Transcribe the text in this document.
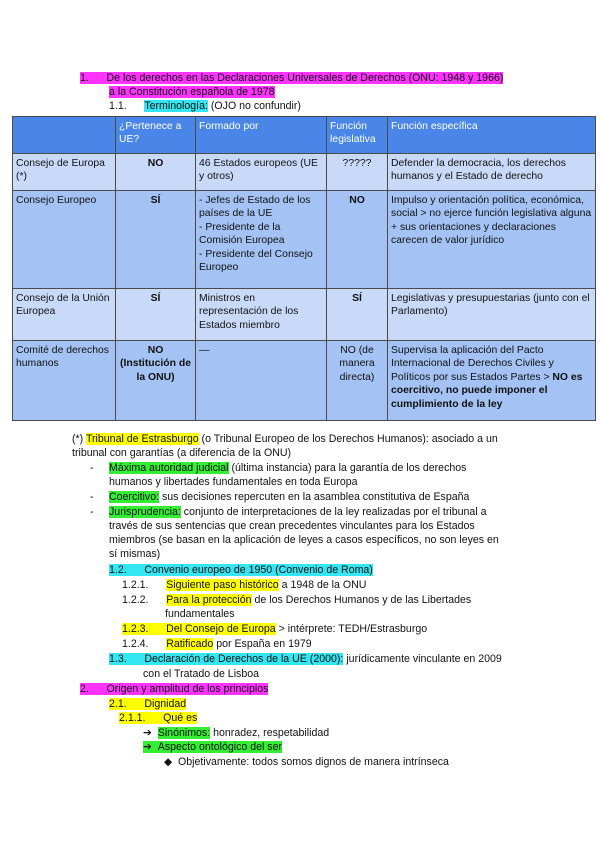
1. De los derechos en las Declaraciones Universales de Derechos (ONU: 1948 y 1966)
a la Constitución española de 1978
1.1. Terminología: (OJO no confundir)
	¿Pertenece a UE?	Formado por	Función legislativa	Función específica
Consejo de Europa (*)	NO	46 Estados europeos (UE y otros)	?????	Defender la democracia, los derechos humanos y el Estado de derecho
Consejo Europeo	SÍ	- Jefes de Estado de los países de la UE
- Presidente de la Comisión Europea
- Presidente del Consejo Europeo	NO	Impulso y orientación política, económica, social > no ejerce función legislativa alguna + sus orientaciones y declaraciones carecen de valor jurídico
Consejo de la Unión Europea	SÍ	Ministros en representación de los Estados miembro	SÍ	Legislativas y presupuestarias (junto con el Parlamento)
Comité de derechos humanos	NO (Institución de la ONU)	—	NO (de manera directa)	Supervisa la aplicación del Pacto Internacional de Derechos Civiles y Políticos por sus Estados Partes > NO es coercitivo, no puede imponer el cumplimiento de la ley
(*) Tribunal de Estrasburgo (o Tribunal Europeo de los Derechos Humanos): asociado a un
tribunal con garantías (a diferencia de la ONU)
- Máxima autoridad judicial (última instancia) para la garantía de los derechos
humanos y libertades fundamentales en toda Europa
- Coercitivo: sus decisiones repercuten en la asamblea constitutiva de España
- Jurisprudencia: conjunto de interpretaciones de la ley realizadas por el tribunal a
través de sus sentencias que crean precedentes vinculantes para los Estados
miembros (se basan en la aplicación de leyes a casos específicos, no son leyes en
sí mismas)
1.2.      Convenio europeo de 1950 (Convenio de Roma)
1.2.1. Siguiente paso histórico a 1948 de la ONU
1.2.2. Para la protección de los Derechos Humanos y de las Libertades
fundamentales
1.2.3.      Del Consejo de Europa > intérprete: TEDH/Estrasburgo
1.2.4. Ratificado por España en 1979
1.3.      Declaración de Derechos de la UE (2000): jurídicamente vinculante en 2009
con el Tratado de Lisboa
2.      Origen y amplitud de los principios
2.1.      Dignidad
2.1.1.      Qué es
➔  Sinónimos: honradez, respetabilidad
➔  Aspecto ontológico del ser
◆  Objetivamente: todos somos dignos de manera intrínseca
